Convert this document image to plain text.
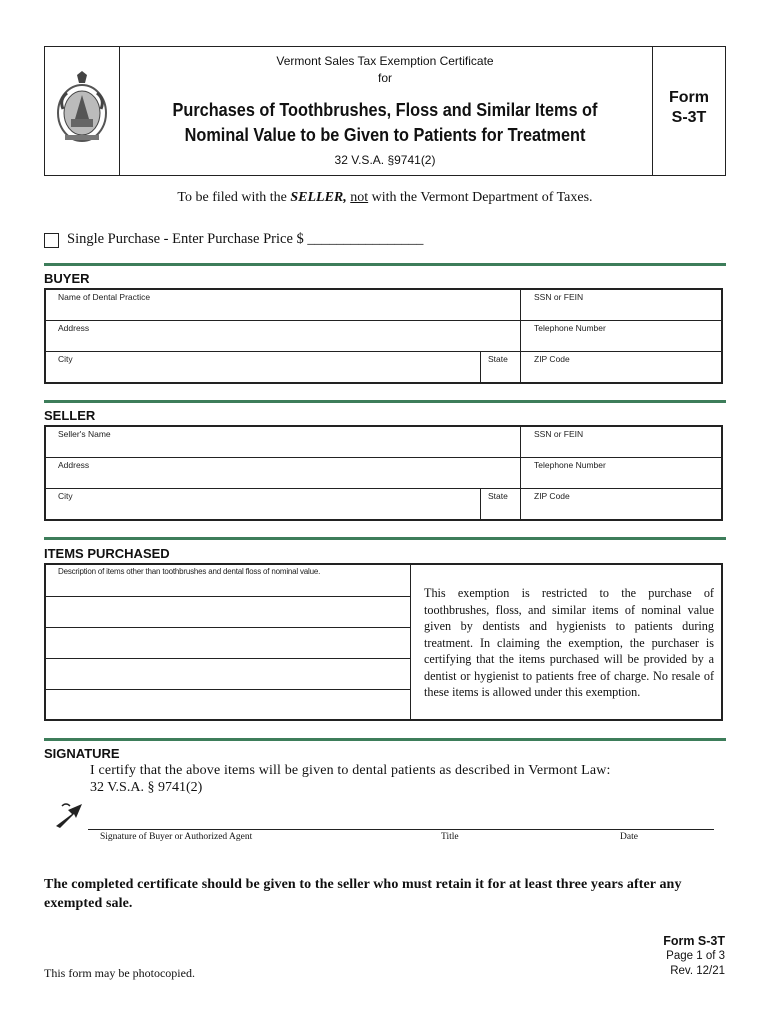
Vermont Sales Tax Exemption Certificate
for
Purchases of Toothbrushes, Floss and Similar Items of
Nominal Value to be Given to Patients for Treatment
32 V.S.A. §9741(2)
Form
S-3T
To be filed with the SELLER, not with the Vermont Department of Taxes.
Single Purchase - Enter Purchase Price $ ________________
BUYER
Name of Dental Practice	SSN or FEIN
Address	Telephone Number
City	State	ZIP Code
SELLER
Seller's Name	SSN or FEIN
Address	Telephone Number
City	State	ZIP Code
ITEMS PURCHASED
Description of items other than toothbrushes and dental floss of nominal value.
This exemption is restricted to the purchase of toothbrushes, floss, and similar items of nominal value given by dentists and hygienists to patients during treatment. In claiming the exemption, the purchaser is certifying that the items purchased will be provided by a dentist or hygienist to patients free of charge. No resale of these items is allowed under this exemption.
SIGNATURE
I certify that the above items will be given to dental patients as described in Vermont Law:
32 V.S.A. § 9741(2)
Signature of Buyer or Authorized Agent	Title	Date
The completed certificate should be given to the seller who must retain it for at least three years after any exempted sale.
This form may be photocopied.
Form S-3T
Page 1 of 3
Rev. 12/21
